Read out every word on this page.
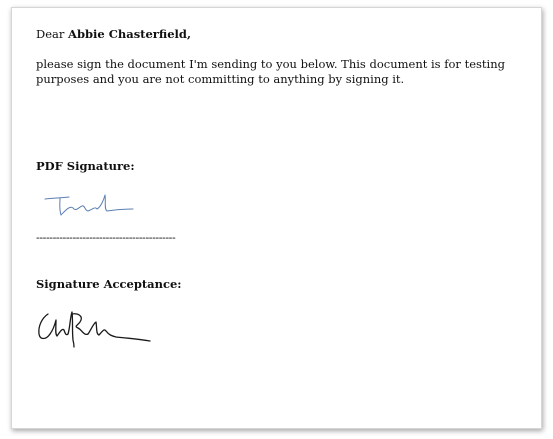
Dear Abbie Chasterfield,
please sign the document I'm sending to you below. This document is for testing purposes and you are not committing to anything by signing it.
PDF Signature:
------------------------------------------
Signature Acceptance:
